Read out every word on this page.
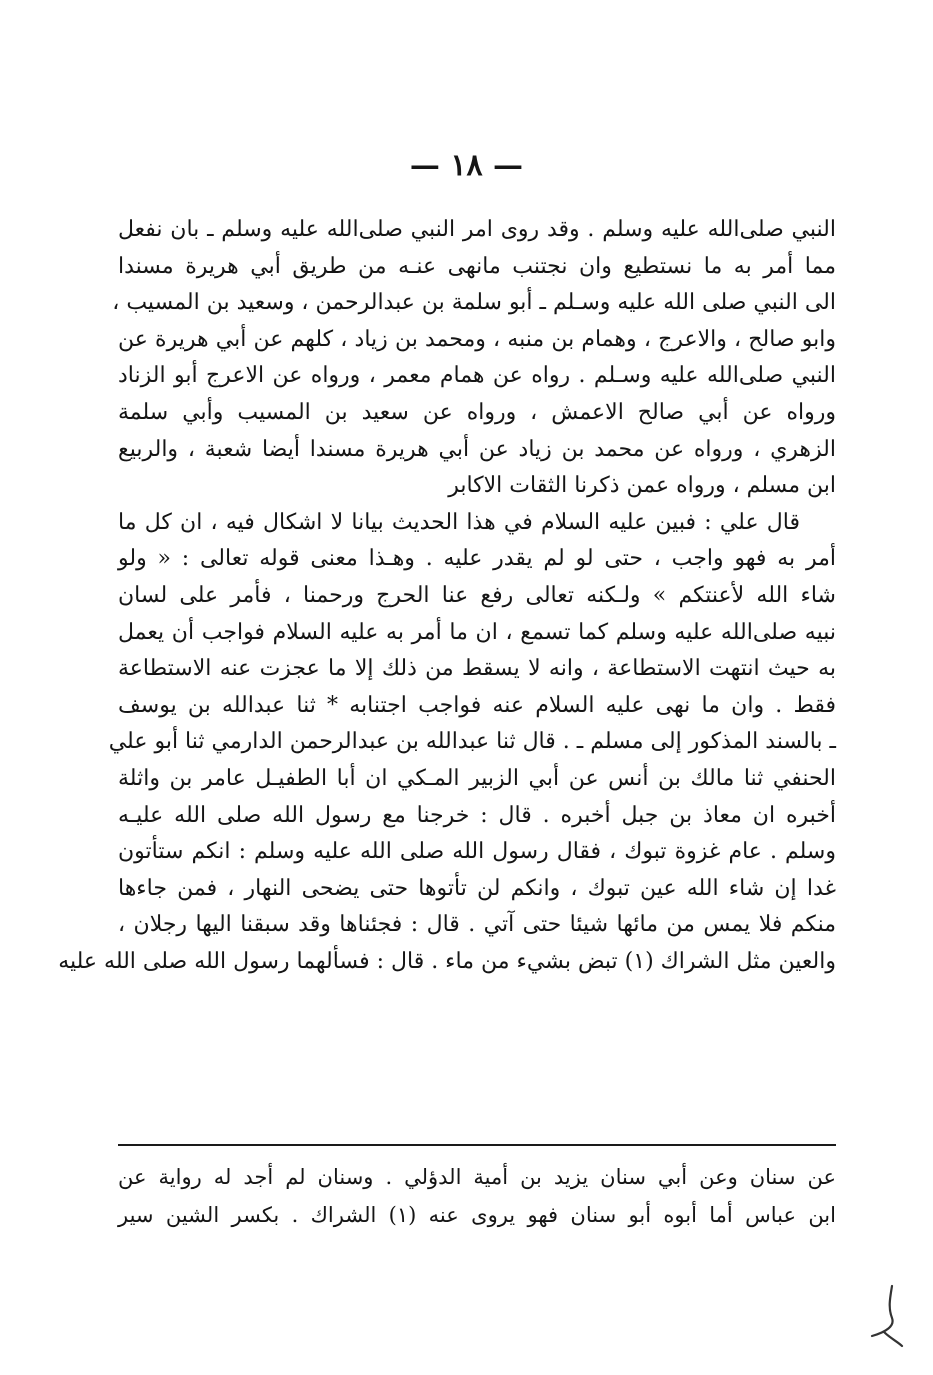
— ١٨ —
النبي صلى‌الله عليه وسلم . وقد روى امر النبي صلى‌الله عليه وسلم ـ بان نفعل
مما أمر به ما نستطيع وان نجتنب مانهى عنـه من طريق أبي هريرة مسندا
الى النبي صلى الله عليه وسـلم ـ أبو سلمة بن عبدالرحمن ، وسعيد بن المسيب ،
وابو صالح ، والاعرج ، وهمام بن منبه ، ومحمد بن زياد ، كلهم عن أبي هريرة عن
النبي صلى‌الله عليه وسـلم . رواه عن همام معمر ، ورواه عن الاعرج أبو الزناد
ورواه عن أبي صالح الاعمش ، ورواه عن سعيد بن المسيب وأبي سلمة
الزهري ، ورواه عن محمد بن زياد عن أبي هريرة مسندا أيضا شعبة ، والربيع
ابن مسلم ، ورواه عمن ذكرنا الثقات الاكابر
قال علي : فبين عليه السلام في هذا الحديث بيانا لا اشكال فيه ، ان كل ما
أمر به فهو واجب ، حتى لو لم يقدر عليه . وهـذا معنى قوله تعالى : « ولو
شاء الله لأعنتكم » ولـكنه تعالى رفع عنا الحرج ورحمنا ، فأمر على لسان
نبيه صلى‌الله عليه وسلم كما تسمع ، ان ما أمر به عليه السلام فواجب أن يعمل
به حيث انتهت الاستطاعة ، وانه لا يسقط من ذلك إلا ما عجزت عنه الاستطاعة
فقط . وان ما نهى عليه السلام عنه فواجب اجتنابه * ثنا عبدالله بن يوسف
ـ بالسند المذكور إلى مسلم ـ . قال ثنا عبدالله بن عبدالرحمن الدارمي ثنا أبو علي
الحنفي ثنا مالك بن أنس عن أبي الزبير المـكي ان أبا الطفيـل عامر بن واثلة
أخبره ان معاذ بن جبل أخبره . قال : خرجنا مع رسول الله صلى الله عليـه
وسلم . عام غزوة تبوك ، فقال رسول الله صلى الله عليه وسلم : انكم ستأتون
غدا إن شاء الله عين تبوك ، وانكم لن تأتوها حتى يضحى النهار ، فمن جاءها
منكم فلا يمس من مائها شيئا حتى آتي . قال : فجئناها وقد سبقنا اليها رجلان ،
والعين مثل الشراك (١) تبض بشيء من ماء . قال : فسألهما رسول الله صلى الله عليه
عن سنان وعن أبي سنان يزيد بن أمية الدؤلي . وسنان لم أجد له رواية عن
ابن عباس أما أبوه أبو سنان فهو يروى عنه (١) الشراك . بكسر الشين سير
